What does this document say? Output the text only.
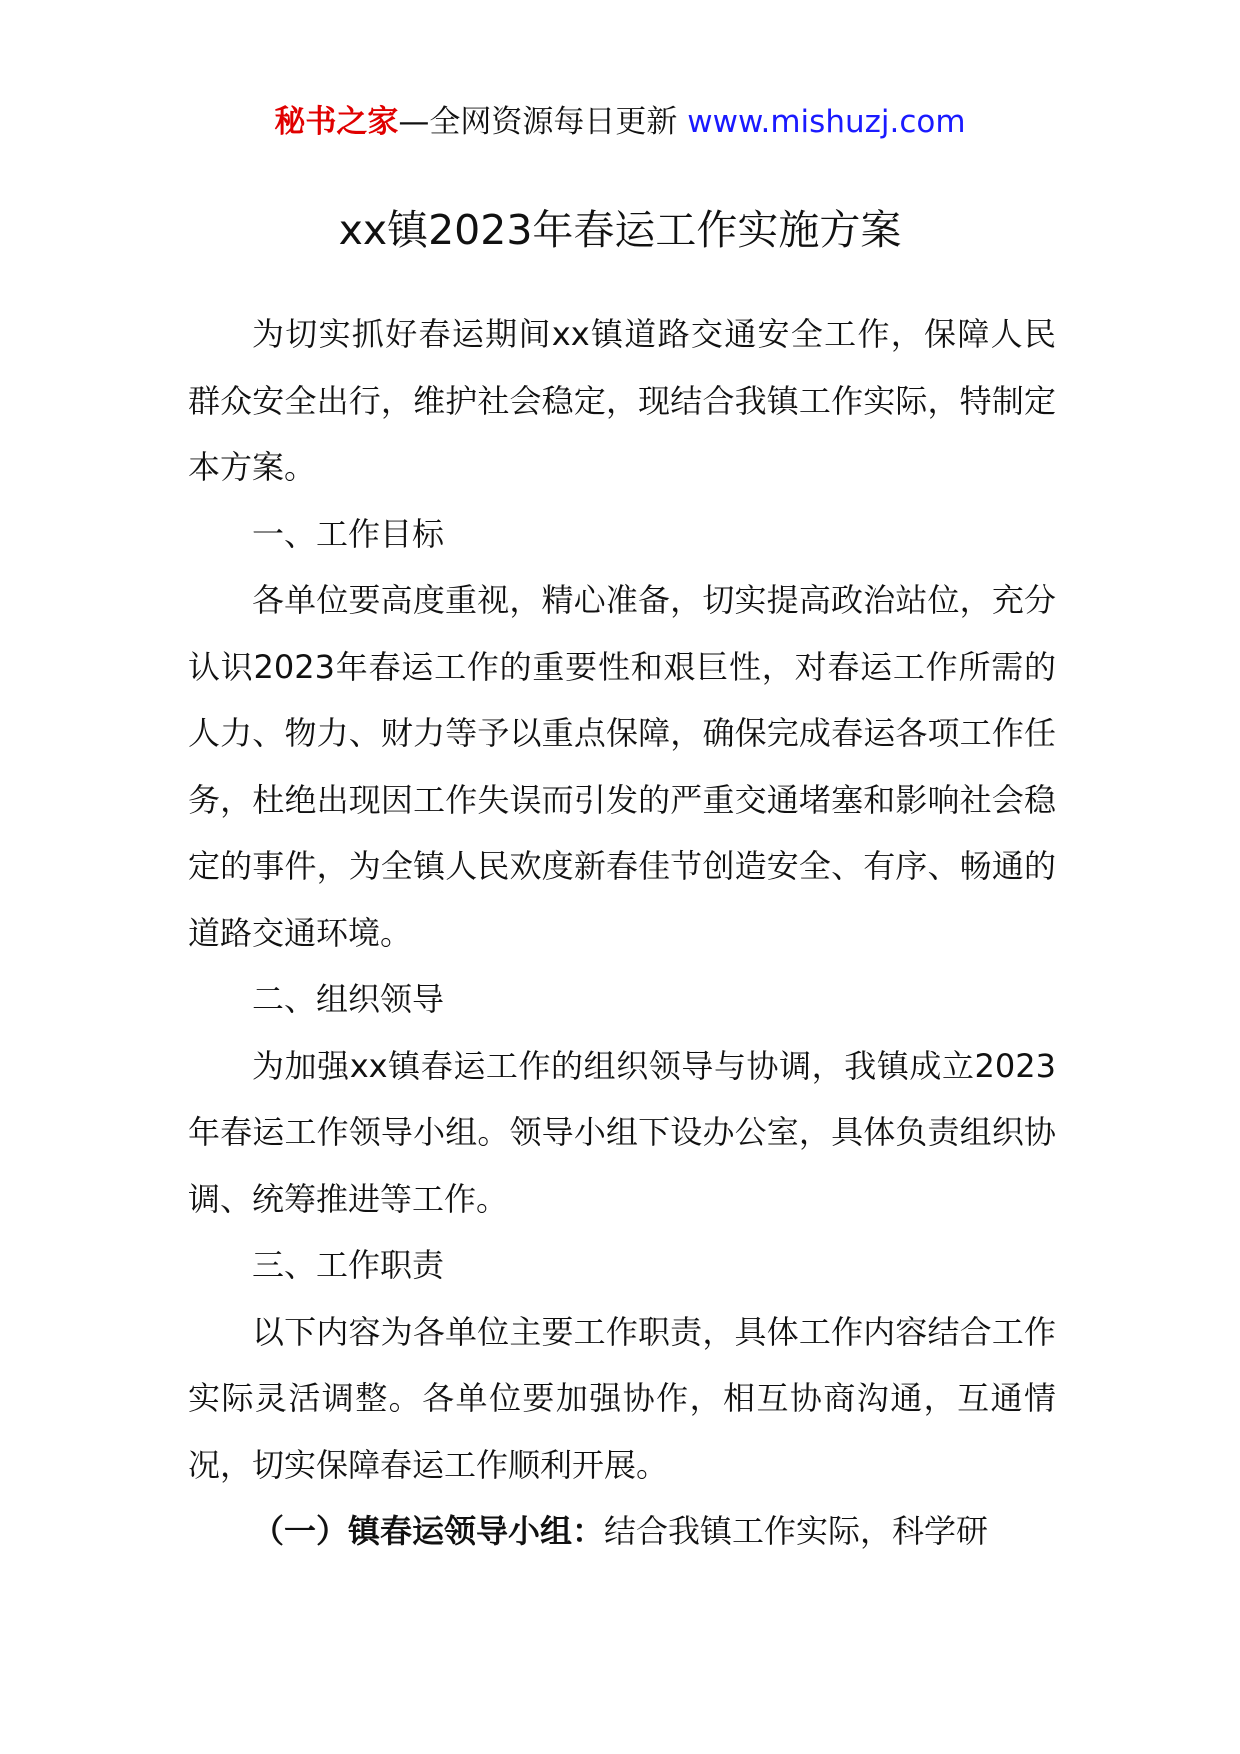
秘书之家—全网资源每日更新 www.mishuzj.com
xx镇2023年春运工作实施方案

为切实抓好春运期间xx镇道路交通安全工作，保障人民群众安全出行，维护社会稳定，现结合我镇工作实际，特制定本方案。

一、工作目标

各单位要高度重视，精心准备，切实提高政治站位，充分认识2023年春运工作的重要性和艰巨性，对春运工作所需的人力、物力、财力等予以重点保障，确保完成春运各项工作任务，杜绝出现因工作失误而引发的严重交通堵塞和影响社会稳定的事件，为全镇人民欢度新春佳节创造安全、有序、畅通的道路交通环境。

二、组织领导

为加强xx镇春运工作的组织领导与协调，我镇成立2023年春运工作领导小组。领导小组下设办公室，具体负责组织协调、统筹推进等工作。

三、工作职责

以下内容为各单位主要工作职责，具体工作内容结合工作实际灵活调整。各单位要加强协作，相互协商沟通，互通情况，切实保障春运工作顺利开展。

（一）镇春运领导小组：结合我镇工作实际，科学研
